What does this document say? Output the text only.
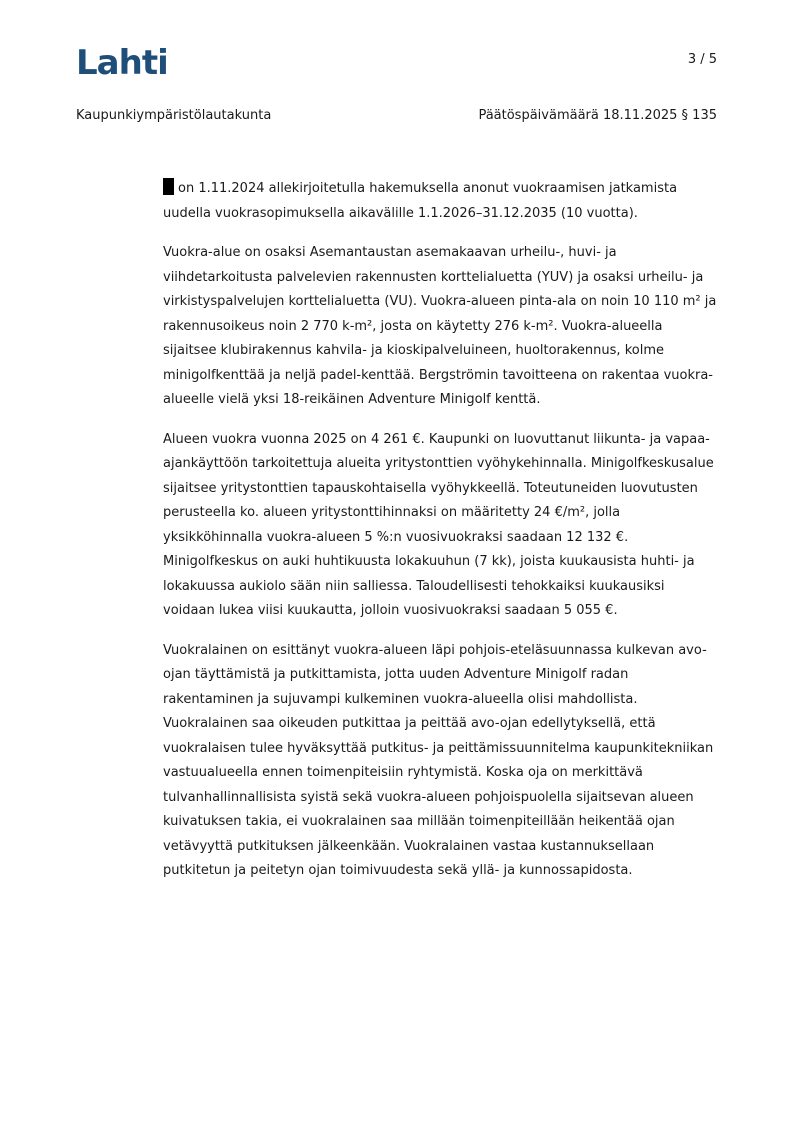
Lahti	3 / 5
Kaupunkiympäristölautakunta	Päätöspäivämäärä 18.11.2025 § 135

on 1.11.2024 allekirjoitetulla hakemuksella anonut vuokraamisen jatkamista uudella vuokrasopimuksella aikavälille 1.1.2026–31.12.2035 (10 vuotta).

Vuokra-alue on osaksi Asemantaustan asemakaavan urheilu-, huvi- ja viihdetarkoitusta palvelevien rakennusten korttelialuetta (YUV) ja osaksi urheilu- ja virkistyspalvelujen korttelialuetta (VU). Vuokra-alueen pinta-ala on noin 10 110 m² ja rakennusoikeus noin 2 770 k-m², josta on käytetty 276 k-m². Vuokra-alueella sijaitsee klubirakennus kahvila- ja kioskipalveluineen, huoltorakennus, kolme minigolfkenttää ja neljä padel-kenttää. Bergströmin tavoitteena on rakentaa vuokra-alueelle vielä yksi 18-reikäinen Adventure Minigolf kenttä.

Alueen vuokra vuonna 2025 on 4 261 €. Kaupunki on luovuttanut liikunta- ja vapaa-ajankäyttöön tarkoitettuja alueita yritystonttien vyöhykehinnalla. Minigolfkeskusalue sijaitsee yritystonttien tapauskohtaisella vyöhykkeellä. Toteutuneiden luovutusten perusteella ko. alueen yritystonttihinnaksi on määritetty 24 €/m², jolla yksikköhinnalla vuokra-alueen 5 %:n vuosivuokraksi saadaan 12 132 €. Minigolfkeskus on auki huhtikuusta lokakuuhun (7 kk), joista kuukausista huhti- ja lokakuussa aukiolo sään niin salliessa. Taloudellisesti tehokkaiksi kuukausiksi voidaan lukea viisi kuukautta, jolloin vuosivuokraksi saadaan 5 055 €.

Vuokralainen on esittänyt vuokra-alueen läpi pohjois-eteläsuunnassa kulkevan avo-ojan täyttämistä ja putkittamista, jotta uuden Adventure Minigolf radan rakentaminen ja sujuvampi kulkeminen vuokra-alueella olisi mahdollista. Vuokralainen saa oikeuden putkittaa ja peittää avo-ojan edellytyksellä, että vuokralaisen tulee hyväksyttää putkitus- ja peittämissuunnitelma kaupunkitekniikan vastuualueella ennen toimenpiteisiin ryhtymistä. Koska oja on merkittävä tulvanhallinnallisista syistä sekä vuokra-alueen pohjoispuolella sijaitsevan alueen kuivatuksen takia, ei vuokralainen saa millään toimenpiteillään heikentää ojan vetävyyttä putkituksen jälkeenkään. Vuokralainen vastaa kustannuksellaan putkitetun ja peitetyn ojan toimivuudesta sekä yllä- ja kunnossapidosta.
